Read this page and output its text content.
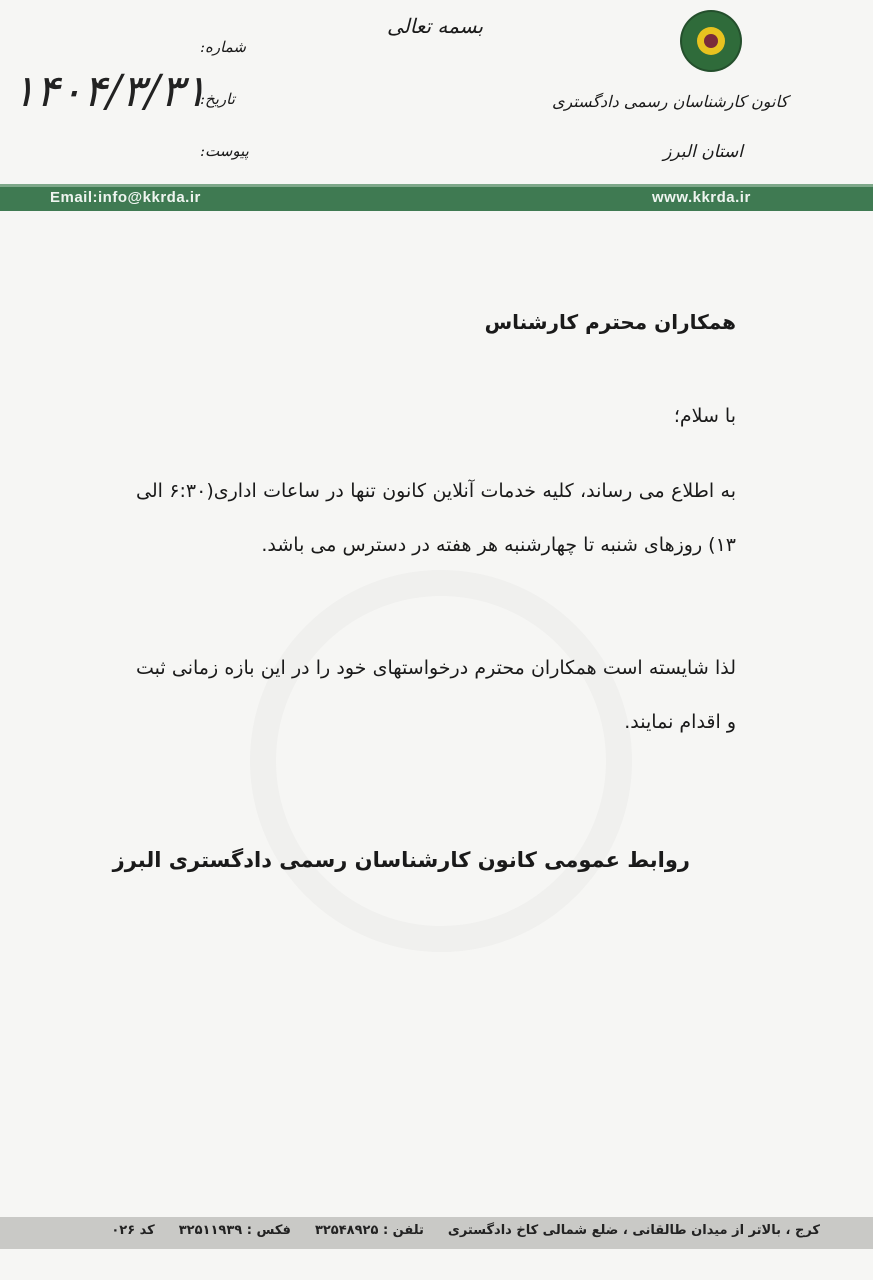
بسمه تعالی
شماره:
تاریخ:
پیوست:
۱۴۰۴/۳/۳۱	کانون کارشناسان رسمی دادگستری
استان البرز
Email:info@kkrda.ir	www.kkrda.ir
همکاران محترم کارشناس
با سلام؛
به اطلاع می رساند، کلیه خدمات آنلاین کانون تنها در ساعات اداری(۶:۳۰ الی ۱۳) روزهای شنبه تا چهارشنبه هر هفته در دسترس می باشد.
لذا شایسته است همکاران محترم درخواستهای خود را در این بازه زمانی ثبت و اقدام نمایند.
روابط عمومی کانون کارشناسان رسمی دادگستری البرز
کرج ، بالاتر از میدان طالقانی ، ضلع شمالی کاخ دادگستری
تلفن : ۳۲۵۴۸۹۲۵
فکس : ۳۲۵۱۱۹۳۹
کد ۰۲۶
